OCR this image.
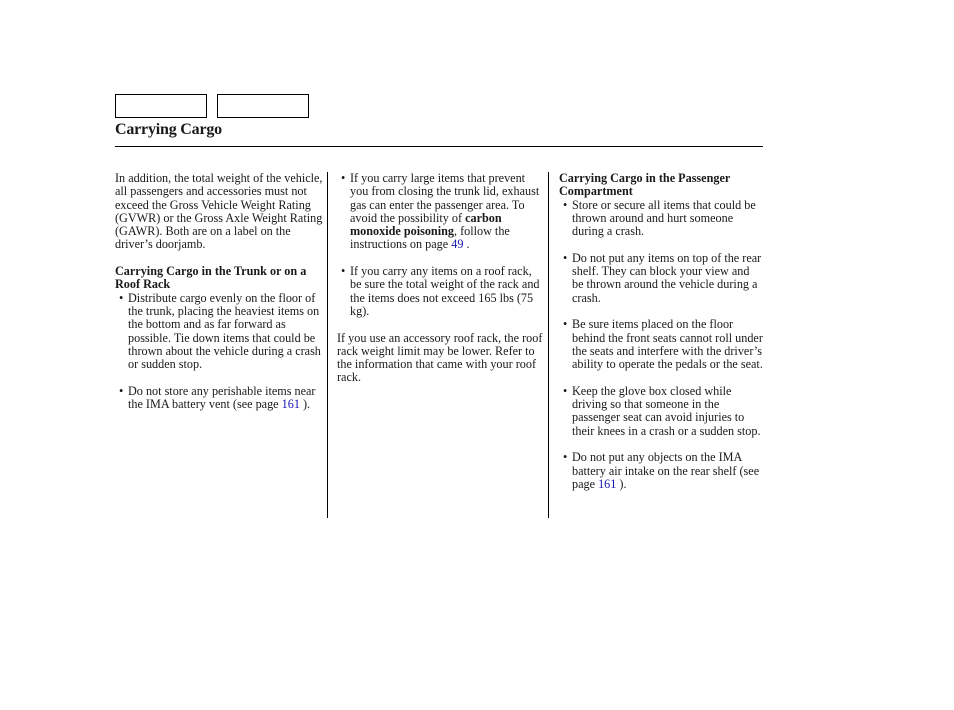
Carrying Cargo

In addition, the total weight of the vehicle, all passengers and accessories must not exceed the Gross Vehicle Weight Rating (GVWR) or the Gross Axle Weight Rating (GAWR). Both are on a label on the driver’s doorjamb.

Carrying Cargo in the Trunk or on a Roof Rack

• Distribute cargo evenly on the floor of the trunk, placing the heaviest items on the bottom and as far forward as possible. Tie down items that could be thrown about the vehicle during a crash or sudden stop.

• Do not store any perishable items near the IMA battery vent (see page 161 ).

• If you carry large items that prevent you from closing the trunk lid, exhaust gas can enter the passenger area. To avoid the possibility of carbon monoxide poisoning, follow the instructions on page 49 .

• If you carry any items on a roof rack, be sure the total weight of the rack and the items does not exceed 165 lbs (75 kg).

If you use an accessory roof rack, the roof rack weight limit may be lower. Refer to the information that came with your roof rack.

Carrying Cargo in the Passenger Compartment

• Store or secure all items that could be thrown around and hurt someone during a crash.

• Do not put any items on top of the rear shelf. They can block your view and be thrown around the vehicle during a crash.

• Be sure items placed on the floor behind the front seats cannot roll under the seats and interfere with the driver’s ability to operate the pedals or the seat.

• Keep the glove box closed while driving so that someone in the passenger seat can avoid injuries to their knees in a crash or a sudden stop.

• Do not put any objects on the IMA battery air intake on the rear shelf (see page 161 ).
